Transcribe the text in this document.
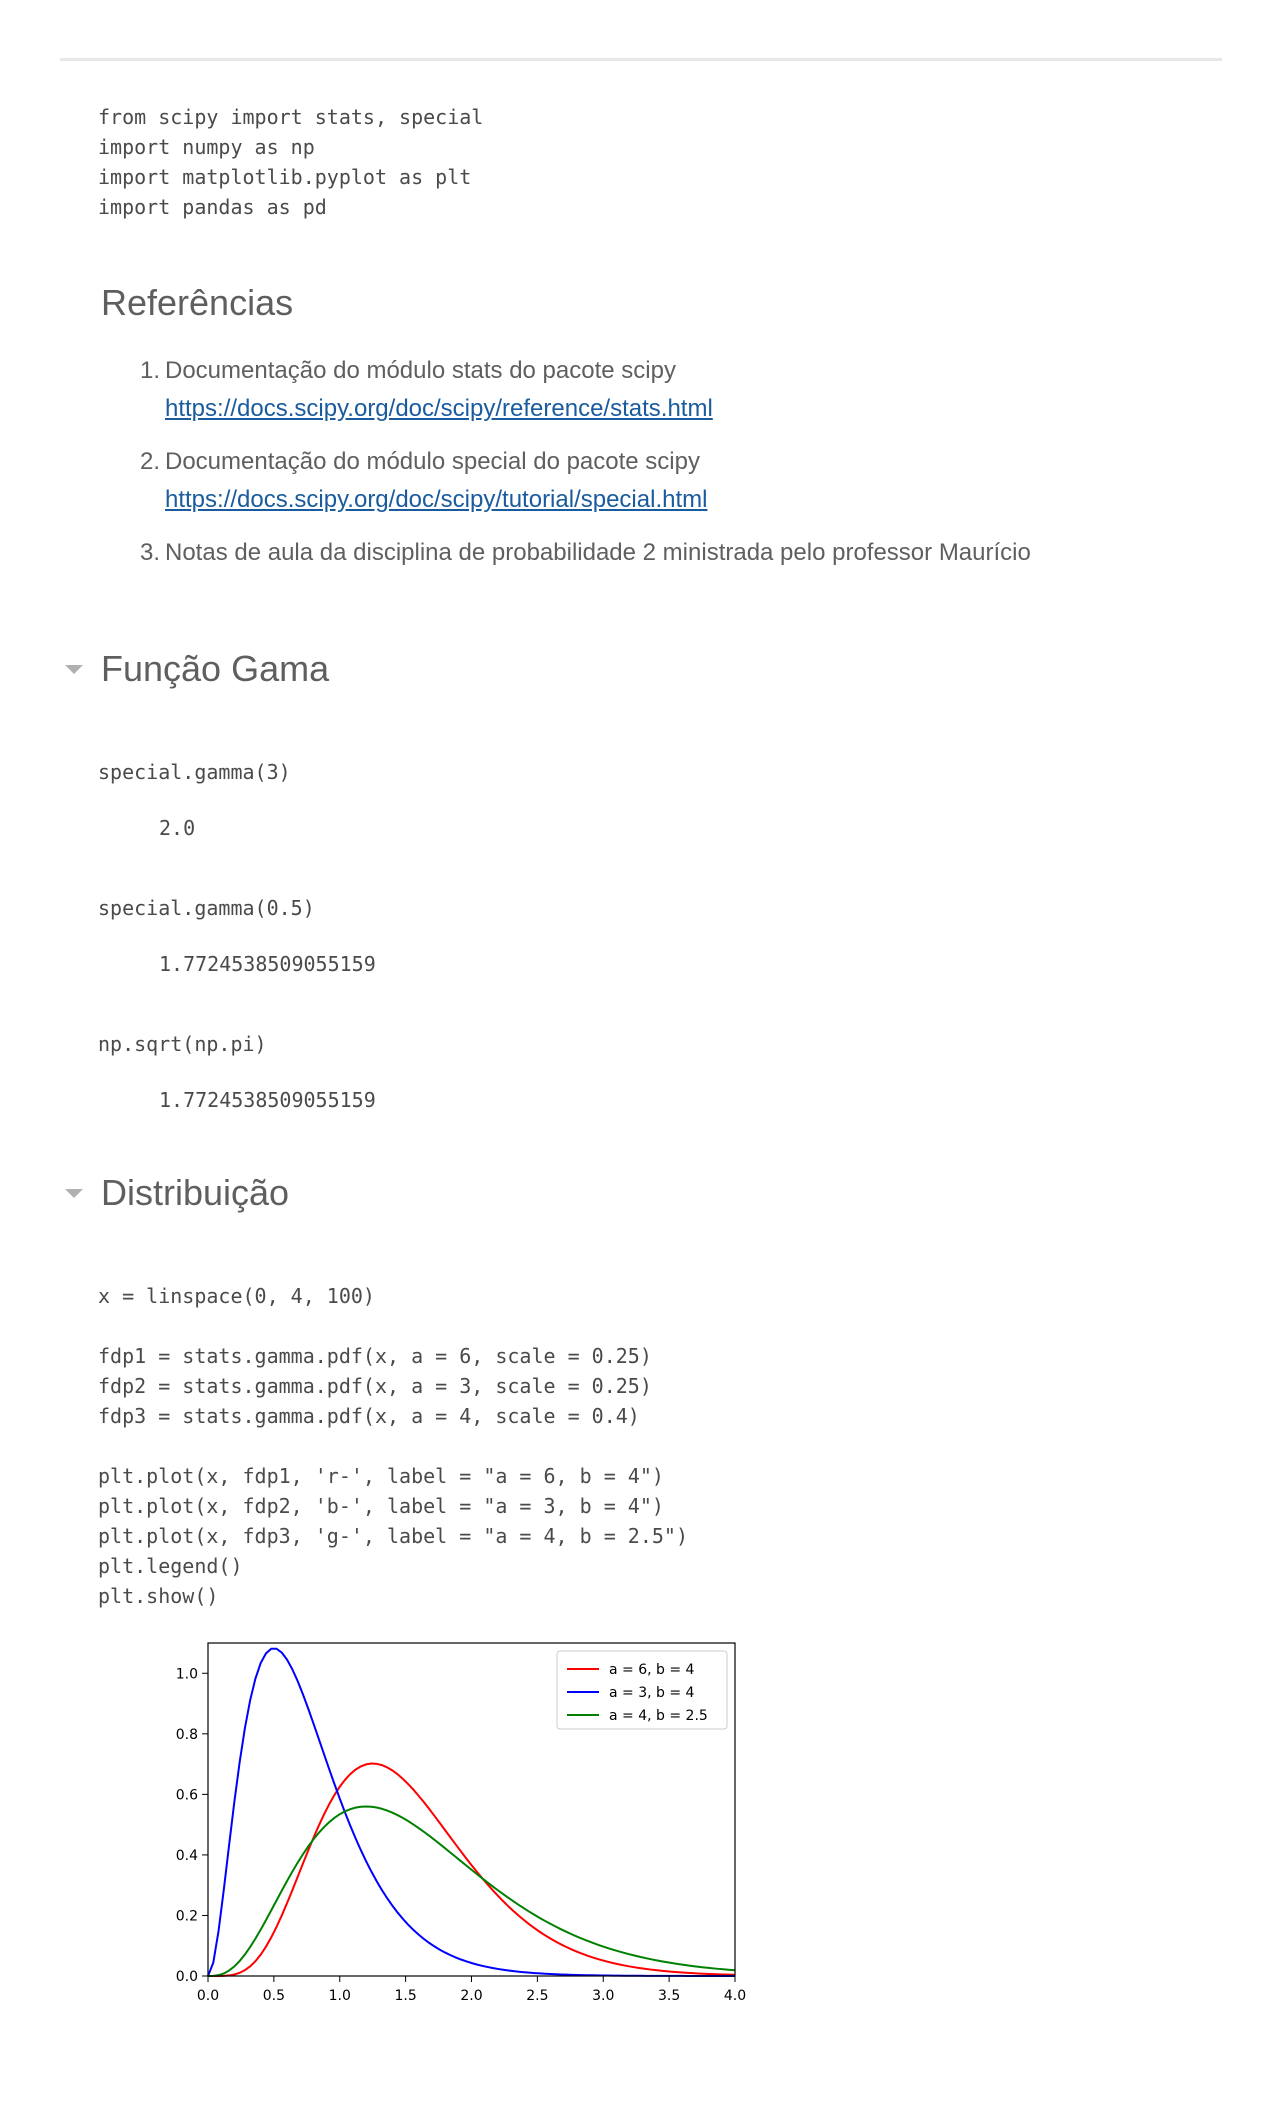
from scipy import stats, special
import numpy as np
import matplotlib.pyplot as plt
import pandas as pd
Referências
1. Documentação do módulo stats do pacote scipy
https://docs.scipy.org/doc/scipy/reference/stats.html
2. Documentação do módulo special do pacote scipy
https://docs.scipy.org/doc/scipy/tutorial/special.html
3. Notas de aula da disciplina de probabilidade 2 ministrada pelo professor Maurício
Função Gama
special.gamma(3)
2.0
special.gamma(0.5)
1.7724538509055159
np.sqrt(np.pi)
1.7724538509055159
Distribuição
x = linspace(0, 4, 100)

fdp1 = stats.gamma.pdf(x, a = 6, scale = 0.25)
fdp2 = stats.gamma.pdf(x, a = 3, scale = 0.25)
fdp3 = stats.gamma.pdf(x, a = 4, scale = 0.4)

plt.plot(x, fdp1, 'r-', label = "a = 6, b = 4")
plt.plot(x, fdp2, 'b-', label = "a = 3, b = 4")
plt.plot(x, fdp3, 'g-', label = "a = 4, b = 2.5")
plt.legend()
plt.show()
0.0	0.5	1.0	1.5	2.0	2.5	3.0	3.5	4.0
0.0
0.2
0.4
0.6
0.8
1.0	a = 6, b = 4
a = 3, b = 4
a = 4, b = 2.5
